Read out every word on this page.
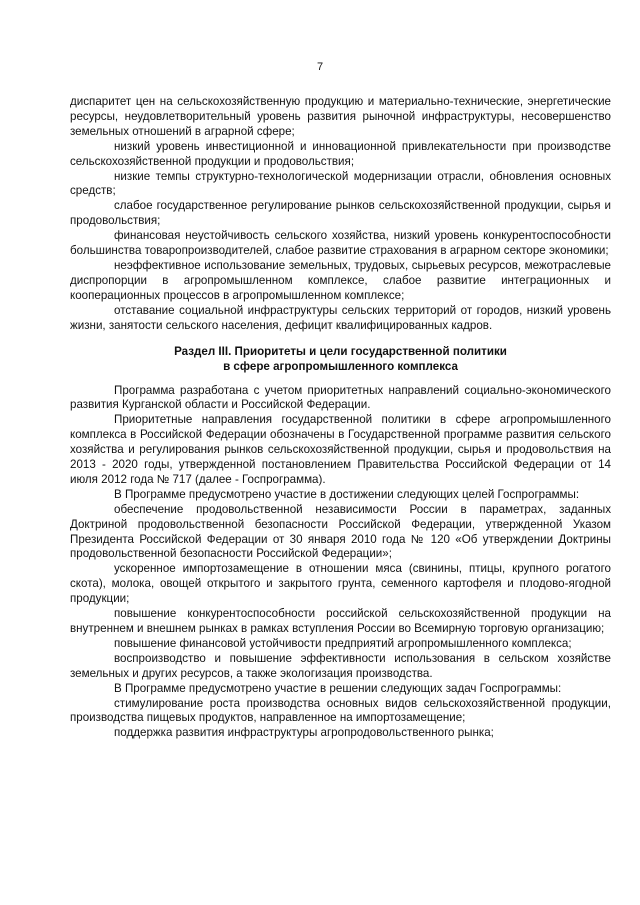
7

диспаритет цен на сельскохозяйственную продукцию и материально-технические, энергетические ресурсы, неудовлетворительный уровень развития рыночной инфраструктуры, несовершенство земельных отношений в аграрной сфере;

низкий уровень инвестиционной и инновационной привлекательности при производстве сельскохозяйственной продукции и продовольствия;

низкие темпы структурно-технологической модернизации отрасли, обновления основных средств;

слабое государственное регулирование рынков сельскохозяйственной продукции, сырья и продовольствия;

финансовая неустойчивость сельского хозяйства, низкий уровень конкурентоспособности большинства товаропроизводителей, слабое развитие страхования в аграрном секторе экономики;

неэффективное использование земельных, трудовых, сырьевых ресурсов, межотраслевые диспропорции в агропромышленном комплексе, слабое развитие интеграционных и кооперационных процессов в агропромышленном комплексе;

отставание социальной инфраструктуры сельских территорий от городов, низкий уровень жизни, занятости сельского населения, дефицит квалифицированных кадров.

Раздел III. Приоритеты и цели государственной политики
в сфере агропромышленного комплекса

Программа разработана с учетом приоритетных направлений социально-экономического развития Курганской области и Российской Федерации.

Приоритетные направления государственной политики в сфере агропромышленного комплекса в Российской Федерации обозначены в Государственной программе развития сельского хозяйства и регулирования рынков сельскохозяйственной продукции, сырья и продовольствия на 2013 - 2020 годы, утвержденной постановлением Правительства Российской Федерации от 14 июля 2012 года № 717 (далее - Госпрограмма).

В Программе предусмотрено участие в достижении следующих целей Госпрограммы:

обеспечение продовольственной независимости России в параметрах, заданных Доктриной продовольственной безопасности Российской Федерации, утвержденной Указом Президента Российской Федерации от 30 января 2010 года № 120 «Об утверждении Доктрины продовольственной безопасности Российской Федерации»;

ускоренное импортозамещение в отношении мяса (свинины, птицы, крупного рогатого скота), молока, овощей открытого и закрытого грунта, семенного картофеля и плодово-ягодной продукции;

повышение конкурентоспособности российской сельскохозяйственной продукции на внутреннем и внешнем рынках в рамках вступления России во Всемирную торговую организацию;

повышение финансовой устойчивости предприятий агропромышленного комплекса;

воспроизводство и повышение эффективности использования в сельском хозяйстве земельных и других ресурсов, а также экологизация производства.

В Программе предусмотрено участие в решении следующих задач Госпрограммы:

стимулирование роста производства основных видов сельскохозяйственной продукции, производства пищевых продуктов, направленное на импортозамещение;

поддержка развития инфраструктуры агропродовольственного рынка;
